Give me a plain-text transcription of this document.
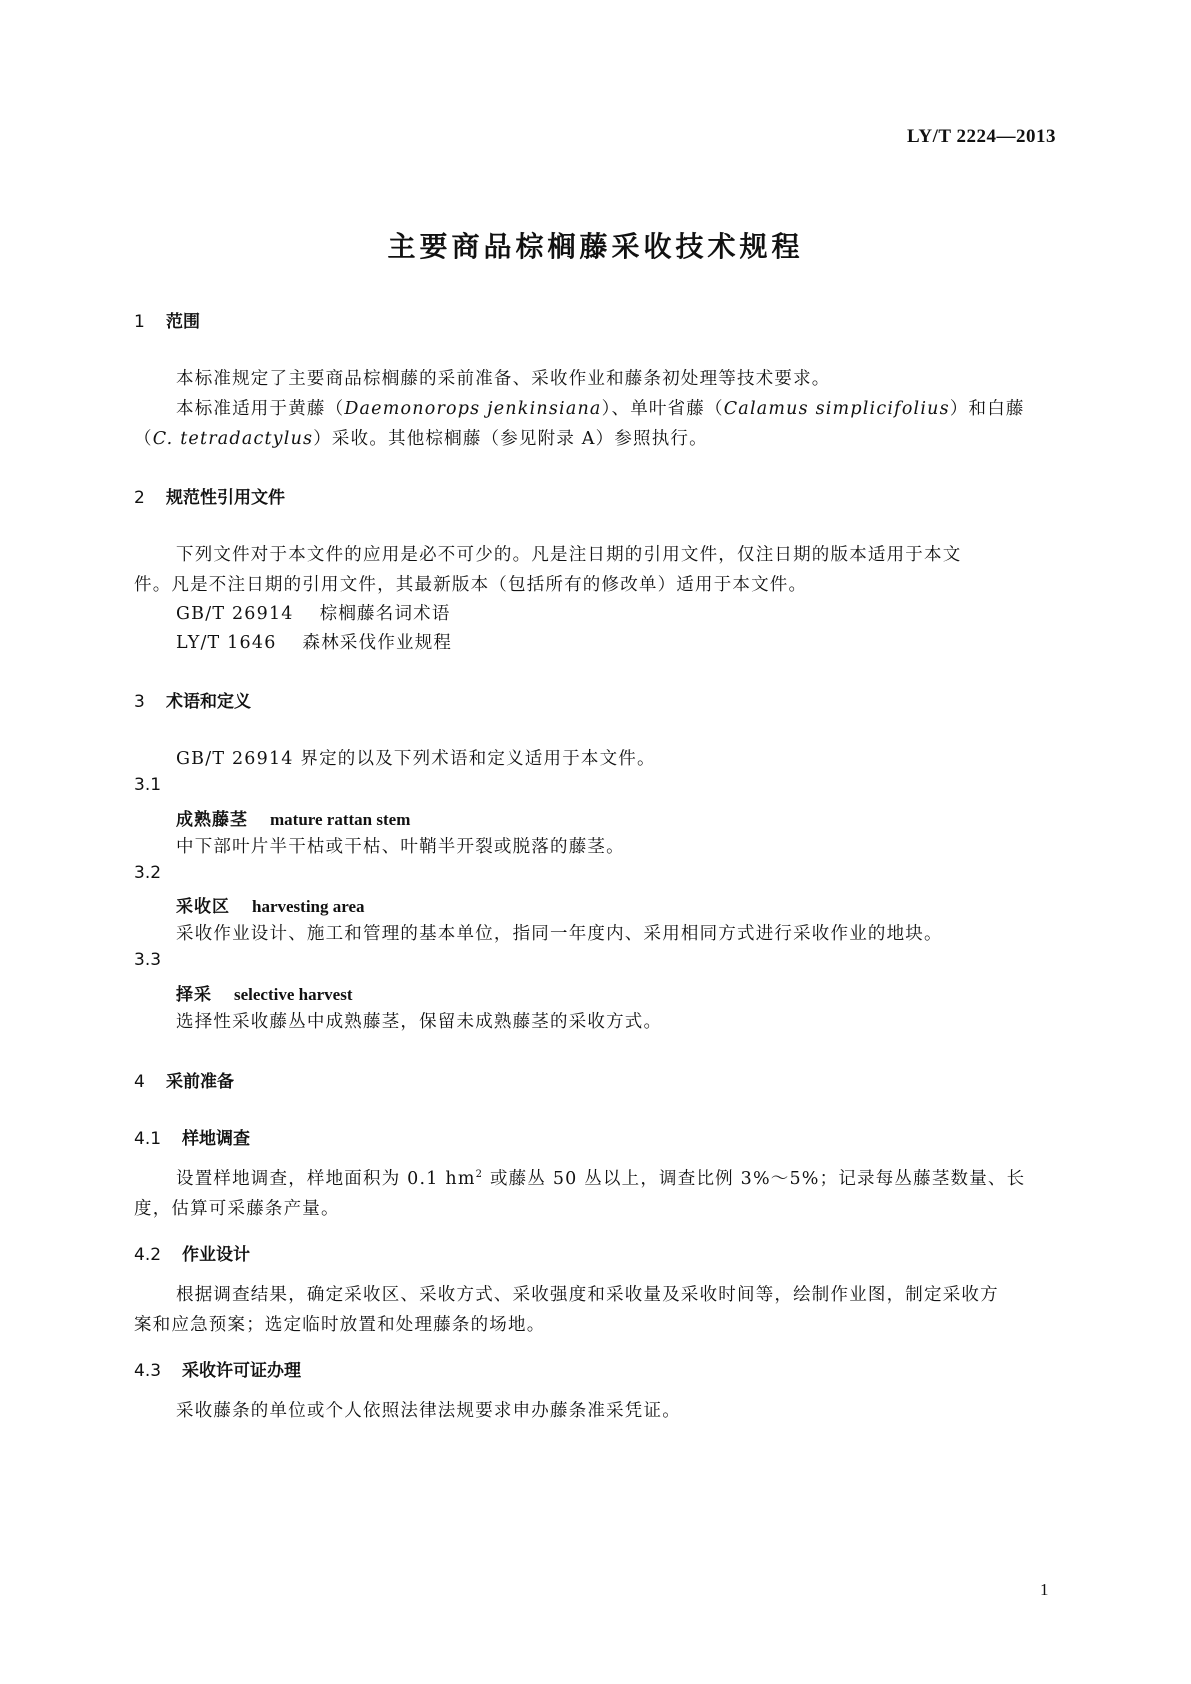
LY/T 2224—2013
主要商品棕榈藤采收技术规程
1 范围
本标准规定了主要商品棕榈藤的采前准备、采收作业和藤条初处理等技术要求。
本标准适用于黄藤（Daemonorops jenkinsiana）、单叶省藤（Calamus simplicifolius）和白藤
（C. tetradactylus）采收。其他棕榈藤（参见附录 A）参照执行。
2 规范性引用文件
下列文件对于本文件的应用是必不可少的。凡是注日期的引用文件，仅注日期的版本适用于本文
件。凡是不注日期的引用文件，其最新版本（包括所有的修改单）适用于本文件。
GB/T 26914 棕榈藤名词术语
LY/T 1646 森林采伐作业规程
3 术语和定义
GB/T 26914 界定的以及下列术语和定义适用于本文件。
3.1
成熟藤茎 mature rattan stem
中下部叶片半干枯或干枯、叶鞘半开裂或脱落的藤茎。
3.2
采收区 harvesting area
采收作业设计、施工和管理的基本单位，指同一年度内、采用相同方式进行采收作业的地块。
3.3
择采 selective harvest
选择性采收藤丛中成熟藤茎，保留未成熟藤茎的采收方式。
4 采前准备
4.1 样地调查
设置样地调查，样地面积为 0.1 $hm^2$ 或藤丛 50 丛以上，调查比例 3%～5%；记录每丛藤茎数量、长
度，估算可采藤条产量。
4.2 作业设计
根据调查结果，确定采收区、采收方式、采收强度和采收量及采收时间等，绘制作业图，制定采收方
案和应急预案；选定临时放置和处理藤条的场地。
4.3 采收许可证办理
采收藤条的单位或个人依照法律法规要求申办藤条准采凭证。
1
